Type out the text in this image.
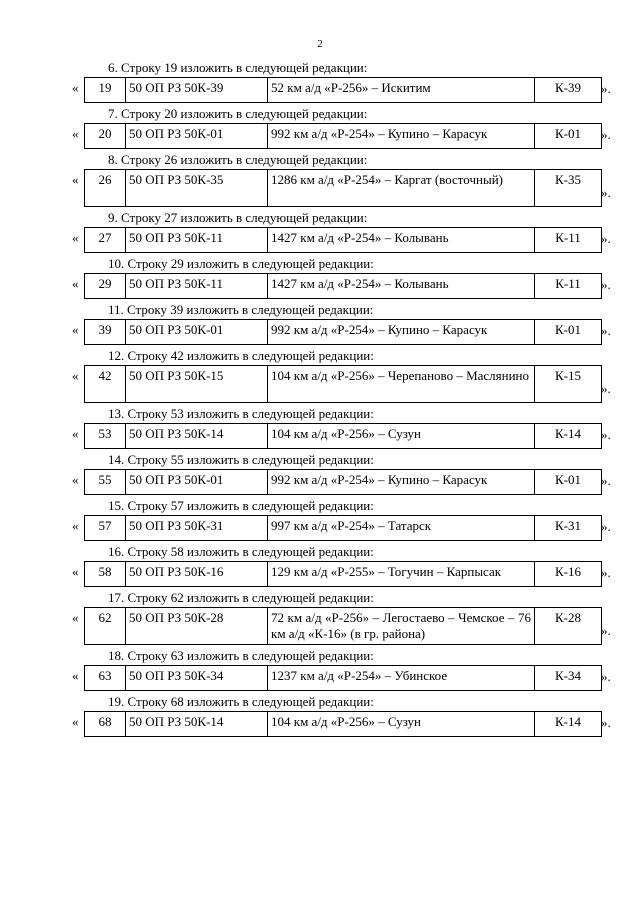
2
6. Строку 19 изложить в следующей редакции:
« 19	50 ОП РЗ 50К-39	52 км а/д «Р-256» – Искитим	К-39 ».
7. Строку 20 изложить в следующей редакции:
« 20	50 ОП РЗ 50К-01	992 км а/д «Р-254» – Купино – Карасук	К-01 ».
8. Строку 26 изложить в следующей редакции:
« 26	50 ОП РЗ 50К-35	1286 км а/д «Р-254» – Каргат (восточный)	К-35
».
9. Строку 27 изложить в следующей редакции:
« 27	50 ОП РЗ 50К-11	1427 км а/д «Р-254» – Колывань	К-11 ».
10. Строку 29 изложить в следующей редакции:
« 29	50 ОП РЗ 50К-11	1427 км а/д «Р-254» – Колывань	К-11 ».
11. Строку 39 изложить в следующей редакции:
« 39	50 ОП РЗ 50К-01	992 км а/д «Р-254» – Купино – Карасук	К-01 ».
12. Строку 42 изложить в следующей редакции:
« 42	50 ОП РЗ 50К-15	104 км а/д «Р-256» – Черепаново – Маслянино	К-15
».
13. Строку 53 изложить в следующей редакции:
« 53	50 ОП РЗ 50К-14	104 км а/д «Р-256» – Сузун	К-14 ».
14. Строку 55 изложить в следующей редакции:
« 55	50 ОП РЗ 50К-01	992 км а/д «Р-254» – Купино – Карасук	К-01 ».
15. Строку 57 изложить в следующей редакции:
« 57	50 ОП РЗ 50К-31	997 км а/д «Р-254» – Татарск	К-31 ».
16. Строку 58 изложить в следующей редакции:
« 58	50 ОП РЗ 50К-16	129 км а/д «Р-255» – Тогучин – Карпысак	К-16 ».
17. Строку 62 изложить в следующей редакции:
« 62	50 ОП РЗ 50К-28	72 км а/д «Р-256» – Легостаево – Чемское – 76 км а/д «К-16» (в гр. района)	К-28
».
18. Строку 63 изложить в следующей редакции:
« 63	50 ОП РЗ 50К-34	1237 км а/д «Р-254» – Убинское	К-34 ».
19. Строку 68 изложить в следующей редакции:
« 68	50 ОП РЗ 50К-14	104 км а/д «Р-256» – Сузун	К-14 ».
